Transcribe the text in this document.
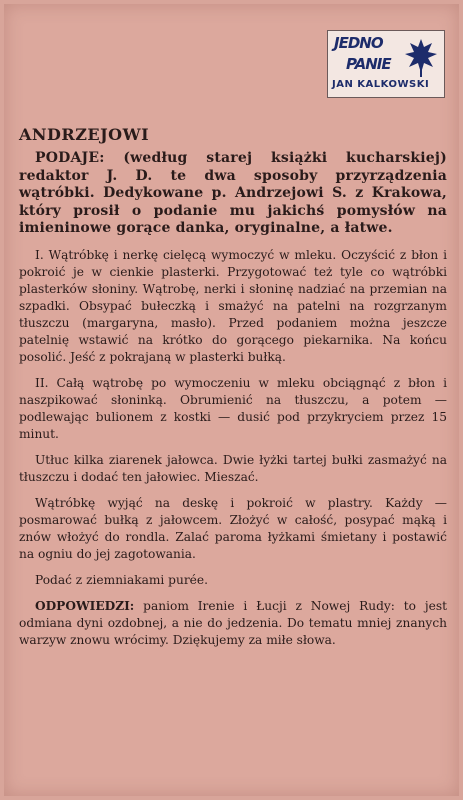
JEDNO
PANIE
JAN KALKOWSKI
ANDRZEJOWI

PODAJE: (według starej książki kucharskiej) redaktor J. D. te dwa sposoby przyrządzenia wątróbki. Dedykowane p. Andrzejowi S. z Krakowa, który prosił o podanie mu jakichś pomysłów na imieninowe gorące danka, oryginalne, a łatwe.

I. Wątróbkę i nerkę cielęcą wymoczyć w mleku. Oczyścić z błon i pokroić je w cienkie plasterki. Przygotować też tyle co wątróbki plasterków słoniny. Wątrobę, nerki i słoninę nadziać na przemian na szpadki. Obsypać bułeczką i smażyć na patelni na rozgrzanym tłuszczu (margaryna, masło). Przed podaniem można jeszcze patelnię wstawić na krótko do gorącego piekarnika. Na końcu posolić. Jeść z pokrajaną w plasterki bułką.

II. Całą wątrobę po wymoczeniu w mleku obciągnąć z błon i naszpikować słoninką. Obrumienić na tłuszczu, a potem — podlewając bulionem z kostki — dusić pod przykryciem przez 15 minut.

Utłuc kilka ziarenek jałowca. Dwie łyżki tartej bułki zasmażyć na tłuszczu i dodać ten jałowiec. Mieszać.

Wątróbkę wyjąć na deskę i pokroić w plastry. Każdy — posmarować bułką z jałowcem. Złożyć w całość, posypać mąką i znów włożyć do rondla. Zalać paroma łyżkami śmietany i postawić na ogniu do jej zagotowania.

Podać z ziemniakami purée.

ODPOWIEDZI: paniom Irenie i Łucji z Nowej Rudy: to jest odmiana dyni ozdobnej, a nie do jedzenia. Do tematu mniej znanych warzyw znowu wrócimy. Dziękujemy za miłe słowa.
